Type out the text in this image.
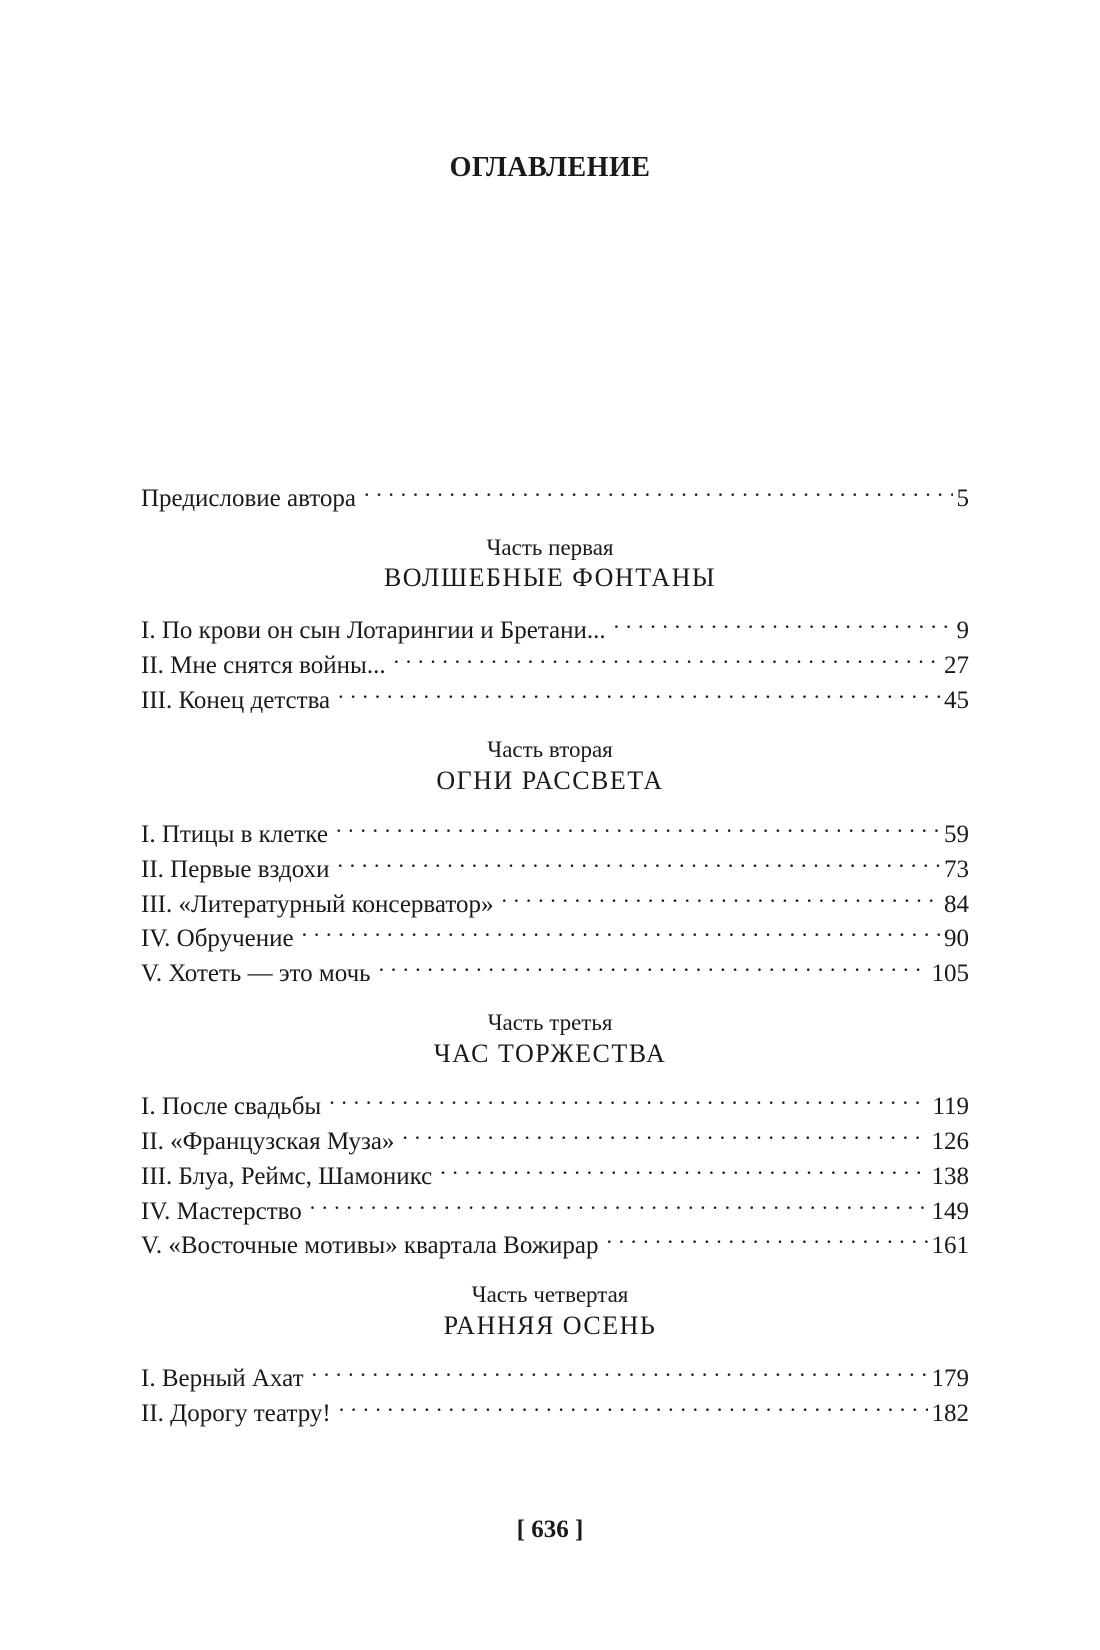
ОГЛАВЛЕНИЕ
Предисловие автора . . .	5
Часть первая
ВОЛШЕБНЫЕ ФОНТАНЫ
I. По крови он сын Лотарингии и Бретани... . . .	9
II. Мне снятся войны... . . .	27
III. Конец детства . . .	45
Часть вторая
ОГНИ РАССВЕТА
I. Птицы в клетке . . .	59
II. Первые вздохи . . .	73
III. «Литературный консерватор» . . .	84
IV. Обручение . . .	90
V. Хотеть — это мочь . . .	105
Часть третья
ЧАС ТОРЖЕСТВА
I. После свадьбы . . .	119
II. «Французская Муза» . . .	126
III. Блуа, Реймс, Шамоникс . . .	138
IV. Мастерство . . .	149
V. «Восточные мотивы» квартала Вожирар . . .	161
Часть четвертая
РАННЯЯ ОСЕНЬ
I. Верный Ахат . . .	179
II. Дорогу театру! . . .	182
[ 636 ]
